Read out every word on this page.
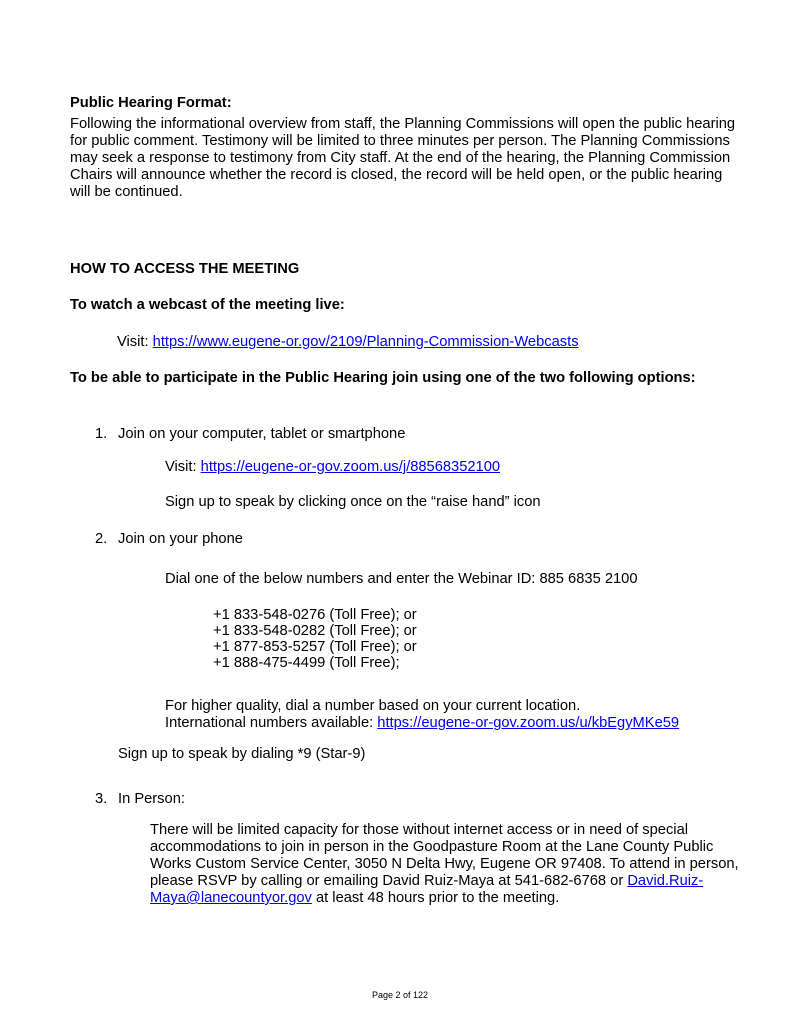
Public Hearing Format:
Following the informational overview from staff, the Planning Commissions will open the public hearing for public comment. Testimony will be limited to three minutes per person. The Planning Commissions may seek a response to testimony from City staff. At the end of the hearing, the Planning Commission Chairs will announce whether the record is closed, the record will be held open, or the public hearing will be continued.
HOW TO ACCESS THE MEETING
To watch a webcast of the meeting live:
Visit: https://www.eugene-or.gov/2109/Planning-Commission-Webcasts
To be able to participate in the Public Hearing join using one of the two following options:
1. Join on your computer, tablet or smartphone
Visit: https://eugene-or-gov.zoom.us/j/88568352100
Sign up to speak by clicking once on the “raise hand” icon
2. Join on your phone
Dial one of the below numbers and enter the Webinar ID: 885 6835 2100
+1 833-548-0276 (Toll Free); or
+1 833-548-0282 (Toll Free); or
+1 877-853-5257 (Toll Free); or
+1 888-475-4499 (Toll Free);
For higher quality, dial a number based on your current location.
International numbers available: https://eugene-or-gov.zoom.us/u/kbEgyMKe59
Sign up to speak by dialing *9 (Star-9)
3. In Person:
There will be limited capacity for those without internet access or in need of special accommodations to join in person in the Goodpasture Room at the Lane County Public Works Custom Service Center, 3050 N Delta Hwy, Eugene OR 97408. To attend in person, please RSVP by calling or emailing David Ruiz-Maya at 541-682-6768 or David.Ruiz-Maya@lanecountyor.gov at least 48 hours prior to the meeting.
Page 2 of 122
